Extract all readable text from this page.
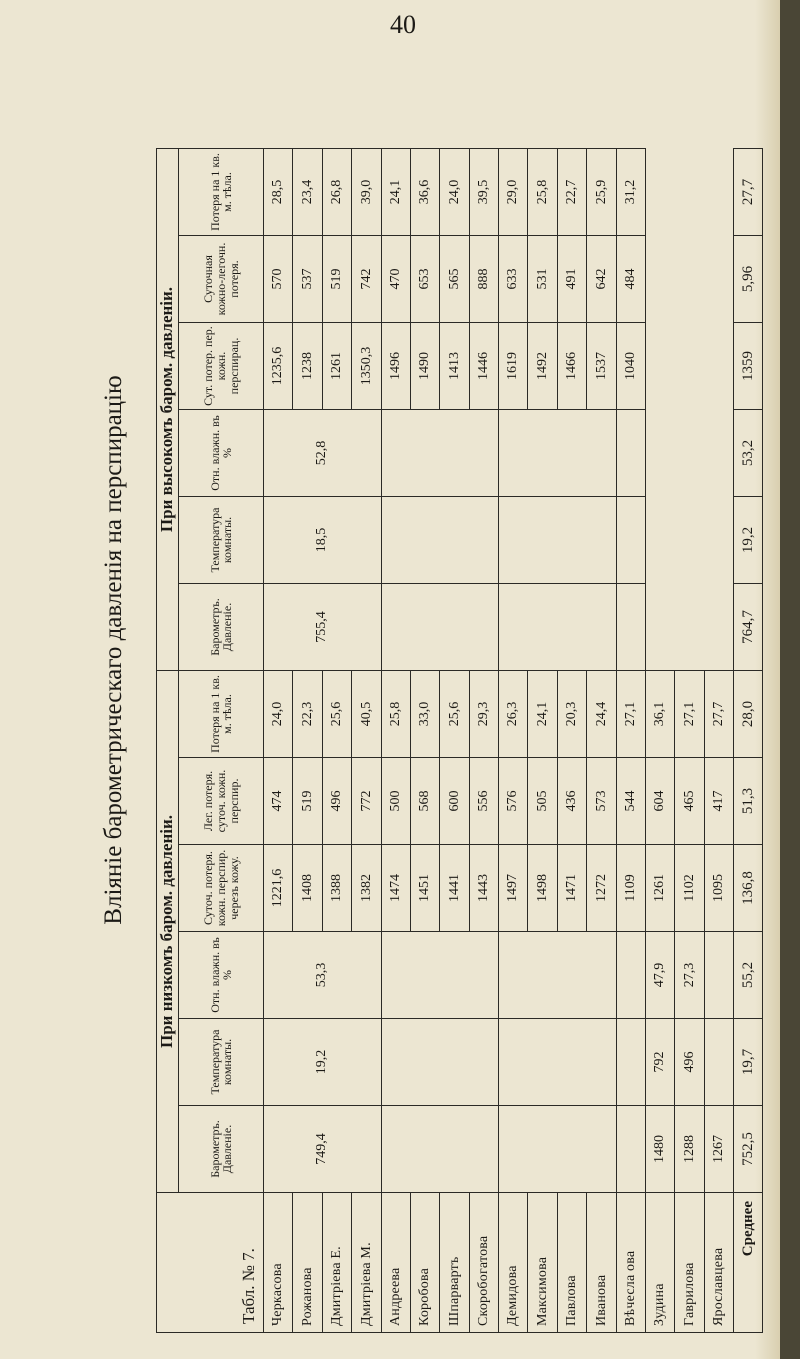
40
Вліяніе барометрическаго давленія на перспирацію
Табл. № 7.	При низкомъ баром. давленіи.						При высокомъ баром. давленіи.					
	Барометръ. Давленіе.	Температура комнаты.	Отн. влажн. въ %	Суточ. потеря. кожн. перспир. черезъ кожу.	Лег. потеря. суточ. кожн. перспир.	Потеря на 1 кв. м. тѣла.	Барометръ. Давленіе.	Температура комнаты.	Отн. влажн. въ %	Сут. потер. пер. кожн. перспирац.	Суточная кожно-легочн. потеря.	Потеря на 1 кв. м. тѣла.
Черкасова	749,4	19,2	53,3	1221,6	474	24,0	755,4	18,5	52,8	1235,6	570	28,5
Рожанова				1408	519	22,3				1238	537	23,4
Дмитріева Е.				1388	496	25,6				1261	519	26,8
Дмитріева М.				1382	772	40,5				1350,3	742	39,0
Андреева				1474	500	25,8				1496	470	24,1
Коробова				1451	568	33,0				1490	653	36,6
Шпарвартъ				1441	600	25,6				1413	565	24,0
Скоробогатова				1443	556	29,3				1446	888	39,5
Демидова				1497	576	26,3				1619	633	29,0
Максимова				1498	505	24,1				1492	531	25,8
Павлова				1471	436	20,3				1466	491	22,7
Иванова				1272	573	24,4				1537	642	25,9
Вѣчесла ова				1109	544	27,1				1040	484	31,2
Зудина	1480	792	47,9	1261	604	36,1						
Гаврилова	1288	496	27,3	1102	465	27,1						
Ярославцева	1267			1095	417	27,7						
Среднее	752,5	19,7	55,2	136,8	51,3	28,0	764,7	19,2	53,2	1359	5,96	27,7
